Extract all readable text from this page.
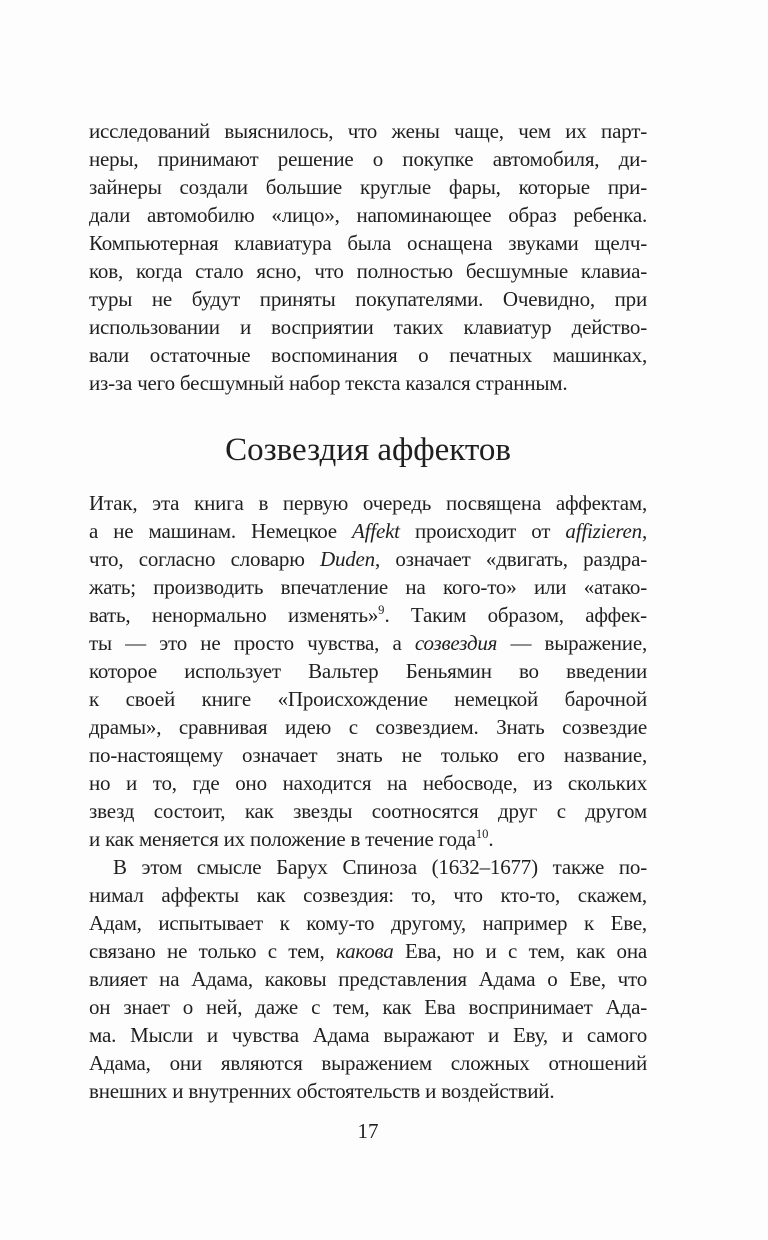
исследований выяснилось, что жены чаще, чем их парт-
неры, принимают решение о покупке автомобиля, ди-
зайнеры создали большие круглые фары, которые при-
дали автомобилю «лицо», напоминающее образ ребенка.
Компьютерная клавиатура была оснащена звуками щелч-
ков, когда стало ясно, что полностью бесшумные клавиа-
туры не будут приняты покупателями. Очевидно, при
использовании и восприятии таких клавиатур действо-
вали остаточные воспоминания о печатных машинках,
из-за чего бесшумный набор текста казался странным.
Созвездия аффектов
Итак, эта книга в первую очередь посвящена аффектам,
а не машинам. Немецкое Affekt происходит от affizieren,
что, согласно словарю Duden, означает «двигать, раздра-
жать; производить впечатление на кого-то» или «атако-
вать, ненормально изменять»$^9$. Таким образом, аффек-
ты — это не просто чувства, а созвездия — выражение,
которое использует Вальтер Беньямин во введении
к своей книге «Происхождение немецкой барочной
драмы», сравнивая идею с созвездием. Знать созвездие
по-настоящему означает знать не только его название,
но и то, где оно находится на небосводе, из скольких
звезд состоит, как звезды соотносятся друг с другом
и как меняется их положение в течение года$^{10}$.
В этом смысле Барух Спиноза (1632–1677) также по-
нимал аффекты как созвездия: то, что кто-то, скажем,
Адам, испытывает к кому-то другому, например к Еве,
связано не только с тем, какова Ева, но и с тем, как она
влияет на Адама, каковы представления Адама о Еве, что
он знает о ней, даже с тем, как Ева воспринимает Ада-
ма. Мысли и чувства Адама выражают и Еву, и самого
Адама, они являются выражением сложных отношений
внешних и внутренних обстоятельств и воздействий.
17
